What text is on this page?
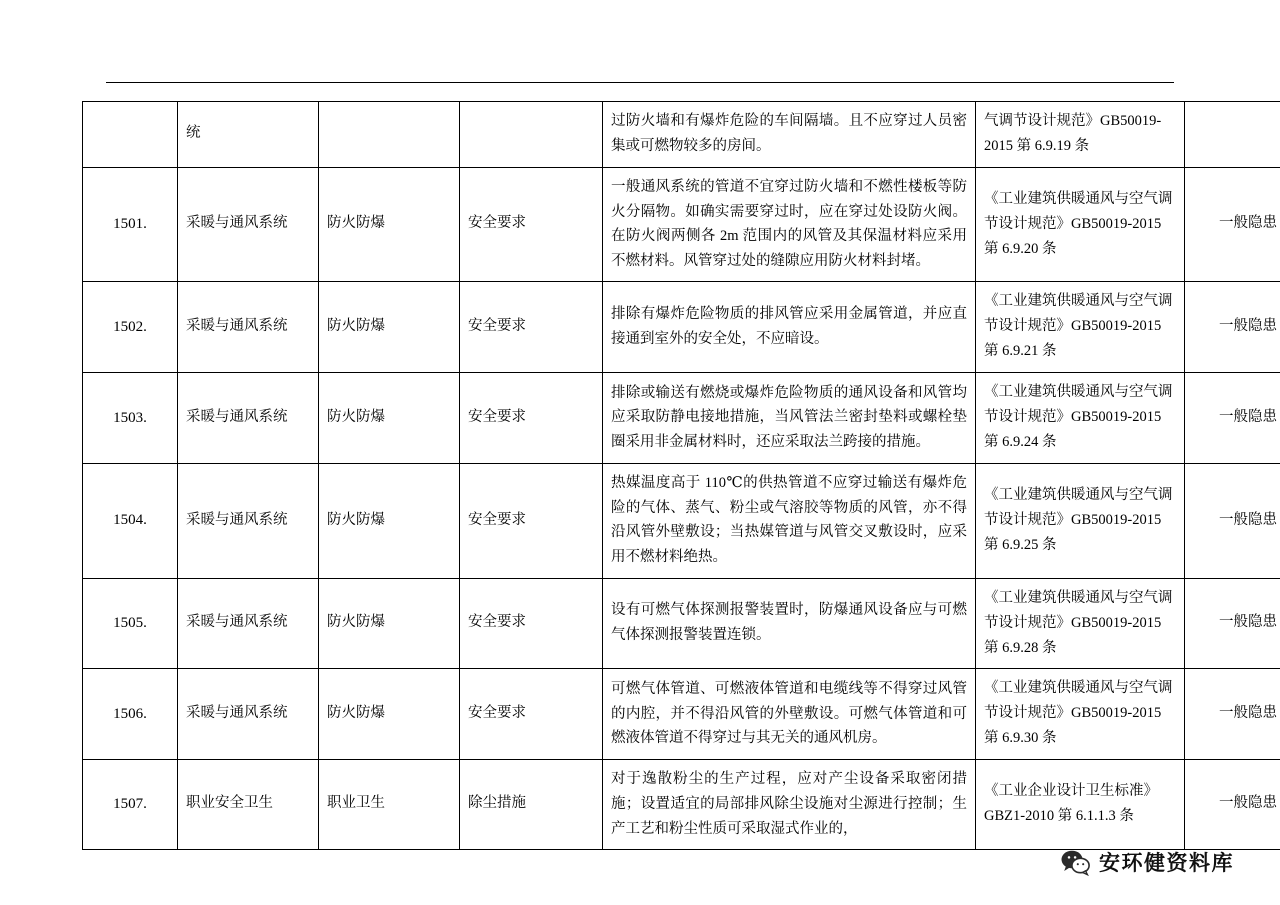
	统			过防火墙和有爆炸危险的车间隔墙。且不应穿过人员密集或可燃物较多的房间。	气调节设计规范》GB50019-2015 第 6.9.19 条	
1501.	采暖与通风系统	防火防爆	安全要求	一般通风系统的管道不宜穿过防火墙和不燃性楼板等防火分隔物。如确实需要穿过时，应在穿过处设防火阀。在防火阀两侧各 2m 范围内的风管及其保温材料应采用不燃材料。风管穿过处的缝隙应用防火材料封堵。	《工业建筑供暖通风与空气调节设计规范》GB50019-2015 第 6.9.20 条	一般隐患
1502.	采暖与通风系统	防火防爆	安全要求	排除有爆炸危险物质的排风管应采用金属管道，并应直接通到室外的安全处，不应暗设。	《工业建筑供暖通风与空气调节设计规范》GB50019-2015 第 6.9.21 条	一般隐患
1503.	采暖与通风系统	防火防爆	安全要求	排除或输送有燃烧或爆炸危险物质的通风设备和风管均应采取防静电接地措施，当风管法兰密封垫料或螺栓垫圈采用非金属材料时，还应采取法兰跨接的措施。	《工业建筑供暖通风与空气调节设计规范》GB50019-2015 第 6.9.24 条	一般隐患
1504.	采暖与通风系统	防火防爆	安全要求	热媒温度高于 110℃的供热管道不应穿过输送有爆炸危险的气体、蒸气、粉尘或气溶胶等物质的风管，亦不得沿风管外壁敷设；当热媒管道与风管交叉敷设时，应采用不燃材料绝热。	《工业建筑供暖通风与空气调节设计规范》GB50019-2015 第 6.9.25 条	一般隐患
1505.	采暖与通风系统	防火防爆	安全要求	设有可燃气体探测报警装置时，防爆通风设备应与可燃气体探测报警装置连锁。	《工业建筑供暖通风与空气调节设计规范》GB50019-2015 第 6.9.28 条	一般隐患
1506.	采暖与通风系统	防火防爆	安全要求	可燃气体管道、可燃液体管道和电缆线等不得穿过风管的内腔，并不得沿风管的外壁敷设。可燃气体管道和可燃液体管道不得穿过与其无关的通风机房。	《工业建筑供暖通风与空气调节设计规范》GB50019-2015 第 6.9.30 条	一般隐患
1507.	职业安全卫生	职业卫生	除尘措施	对于逸散粉尘的生产过程，应对产尘设备采取密闭措施；设置适宜的局部排风除尘设施对尘源进行控制；生产工艺和粉尘性质可采取湿式作业的，	《工业企业设计卫生标准》GBZ1-2010 第 6.1.1.3 条	一般隐患
安环健资料库
